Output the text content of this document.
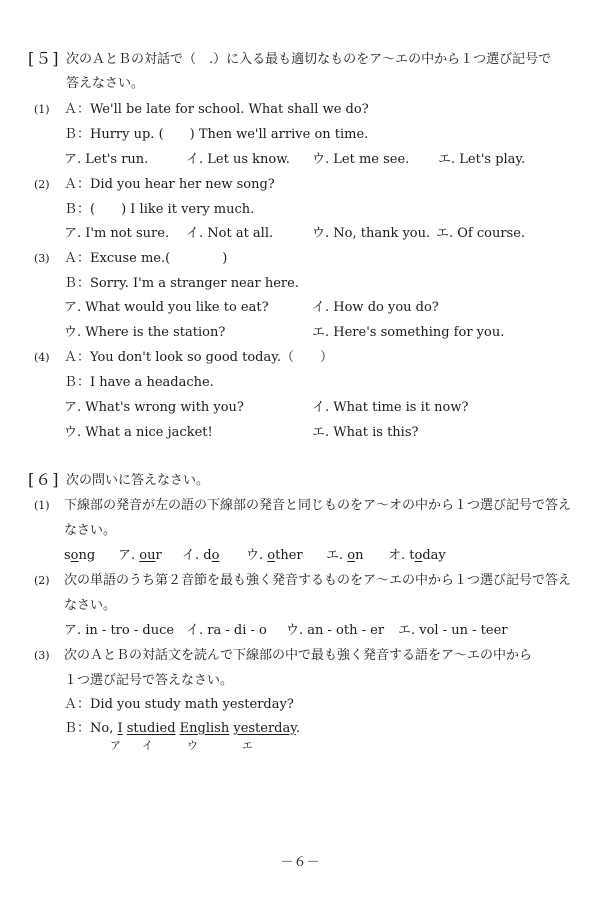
[５] 次のＡとＢの対話で（　.）に入る最も適切なものをア～エの中から１つ選び記号で
答えなさい。
(1) Ａ：We'll be late for school. What shall we do?
Ｂ：Hurry up. (　　) Then we'll arrive on time.
ア. Let's run.	イ. Let us know. ウ. Let me see. エ. Let's play.
(2) Ａ：Did you hear her new song?
Ｂ：(　　) I like it very much.
ア. I'm not sure. イ. Not at all.	ウ. No, thank you. エ. Of course.
(3) Ａ：Excuse me.(　　　　)
Ｂ：Sorry. I'm a stranger near here.
ア. What would you like to eat?	イ. How do you do?
ウ. Where is the station?	エ. Here's something for you.
(4) Ａ：You don't look so good today.（　　）
Ｂ：I have a headache.
ア. What's wrong with you?	イ. What time is it now?
ウ. What a nice jacket!	エ. What is this?
[６] 次の問いに答えなさい。
(1) 下線部の発音が左の語の下線部の発音と同じものをア～オの中から１つ選び記号で答え
なさい。
song ア. our イ. do ウ. other エ. on オ. today
(2) 次の単語のうち第２音節を最も強く発音するものをア～エの中から１つ選び記号で答え
なさい。
ア. in - tro - duce イ. ra - di - o ウ. an - oth - er エ. vol - un - teer
(3) 次のＡとＢの対話文を読んで下線部の中で最も強く発音する語をア～エの中から
１つ選び記号で答えなさい。
Ａ：Did you study math yesterday?
Ｂ：No, I studied English yesterday.
ア イ	ウ	エ
－６－
